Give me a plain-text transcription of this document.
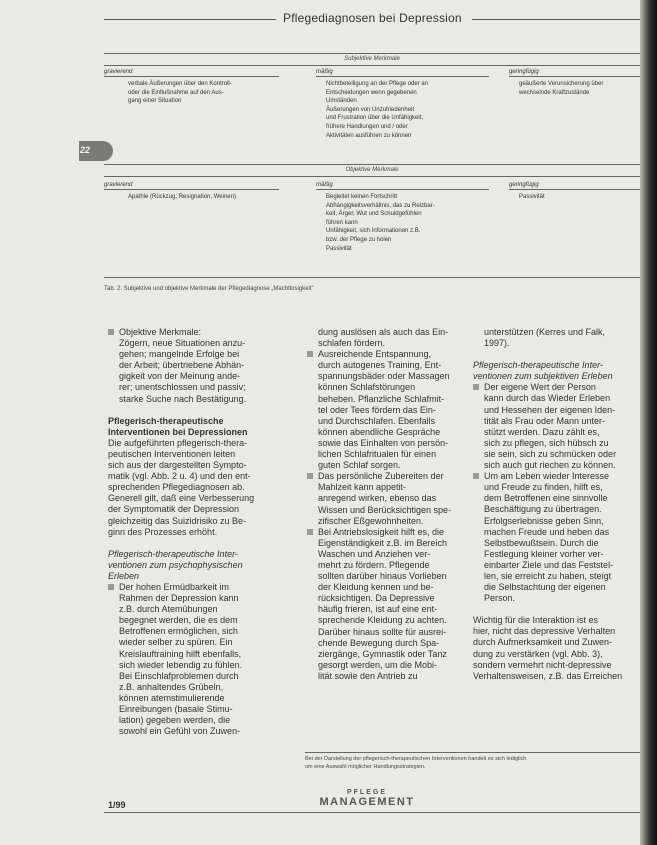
Pflegediagnosen bei Depression
22
Subjektive Merkmale
gravierend
verbale Äußerungen über den Kontroll-
oder die Einflußnahme auf den Aus-
gang einer Situation
mäßig
Nichtbeteiligung an der Pflege oder an
Entscheidungen wenn gegebenen
Umständen
Äußerungen von Unzufriedenheit
und Frustration über die Unfähigkeit,
frühere Handlungen und / oder
Aktivitäten ausführen zu können
geringfügig
geäußerte Verunsicherung über
wechselnde Kraftzustände
Objektive Merkmale
gravierend
Apathie (Rückzug, Resignation, Weinen)
mäßig
Begleitet keinen Fortschritt
Abhängigkeitsverhältnis, das zu Reizbar-
keit, Ärger, Wut und Schuldgefühlen
führen kann
Unfähigkeit, sich Informationen z.B.
bzw. der Pflege zu holen
Passivität
geringfügig
Passivität
Tab. 2: Subjektive und objektive Merkmale der Pflegediagnose „Machtlosigkeit"
Objektive Merkmale:
Zögern, neue Situationen anzu-
gehen; mangelnde Erfolge bei
der Arbeit; übertriebene Abhän-
gigkeit von der Meinung ande-
rer; unentschlossen und passiv;
starke Suche nach Bestätigung.
Pflegerisch-therapeutische
Interventionen bei Depressionen
Die aufgeführten pflegerisch-thera-
peutischen Interventionen leiten
sich aus der dargestellten Sympto-
matik (vgl. Abb. 2 u. 4) und den ent-
sprechenden Pflegediagnosen ab.
Generell gilt, daß eine Verbesserung
der Symptomatik der Depression
gleichzeitig das Suizidrisiko zu Be-
ginn des Prozesses erhöht.
Pflegerisch-therapeutische Inter-
ventionen zum psychophysischen
Erleben
Der hohen Ermüdbarkeit im
Rahmen der Depression kann
z.B. durch Atemübungen
begegnet werden, die es dem
Betroffenen ermöglichen, sich
wieder selber zu spüren. Ein
Kreislauftraining hilft ebenfalls,
sich wieder lebendig zu fühlen.
Bei Einschlafproblemen durch
z.B. anhaltendes Grübeln,
können atemstimulierende
Einreibungen (basale Stimu-
lation) gegeben werden, die
sowohl ein Gefühl von Zuwen-
dung auslösen als auch das Ein-
schlafen fördern.
Ausreichende Entspannung,
durch autogenes Training, Ent-
spannungsbäder oder Massagen
können Schlafstörungen
beheben. Pflanzliche Schlafmit-
tel oder Tees fördern das Ein-
und Durchschlafen. Ebenfalls
können abendliche Gespräche
sowie das Einhalten von persön-
lichen Schlafritualen für einen
guten Schlaf sorgen.
Das persönliche Zubereiten der
Mahlzeit kann appetit-
anregend wirken, ebenso das
Wissen und Berücksichtigen spe-
zifischer Eßgewohnheiten.
Bei Antriebslosigkeit hilft es, die
Eigenständigkeit z.B. im Bereich
Waschen und Anziehen ver-
mehrt zu fördern. Pflegende
sollten darüber hinaus Vorlieben
der Kleidung kennen und be-
rücksichtigen. Da Depressive
häufig frieren, ist auf eine ent-
sprechende Kleidung zu achten.
Darüber hinaus sollte für ausrei-
chende Bewegung durch Spa-
ziergänge, Gymnastik oder Tanz
gesorgt werden, um die Mobi-
lität sowie den Antrieb zu
unterstützen (Kerres und Falk,
1997).
Pflegerisch-therapeutische Inter-
ventionen zum subjektiven Erleben
Der eigene Wert der Person
kann durch das Wieder Erleben
und Hessehen der eigenen Iden-
tität als Frau oder Mann unter-
stützt werden. Dazu zählt es,
sich zu pflegen, sich hübsch zu
sie sein, sich zu schmücken oder
sich auch gut riechen zu können.
Um am Leben wieder Interesse
und Freude zu finden, hilft es,
dem Betroffenen eine sinnvolle
Beschäftigung zu übertragen.
Erfolgserlebnisse geben Sinn,
machen Freude und heben das
Selbstbewußtsein. Durch die
Festlegung kleiner vorher ver-
einbarter Ziele und das Feststel-
len, sie erreicht zu haben, steigt
die Selbstachtung der eigenen
Person.
Wichtig für die Interaktion ist es
hier, nicht das depressive Verhalten
durch Aufmerksamkeit und Zuwen-
dung zu verstärken (vgl. Abb. 3),
sondern vermehrt nicht-depressive
Verhaltensweisen, z.B. das Erreichen
Bei der Darstellung der pflegerisch-therapeutischen Interventionen handelt es sich lediglich
um eine Auswahl möglicher Handlungsstrategien.
PFLEGE
MANAGEMENT
1/99
